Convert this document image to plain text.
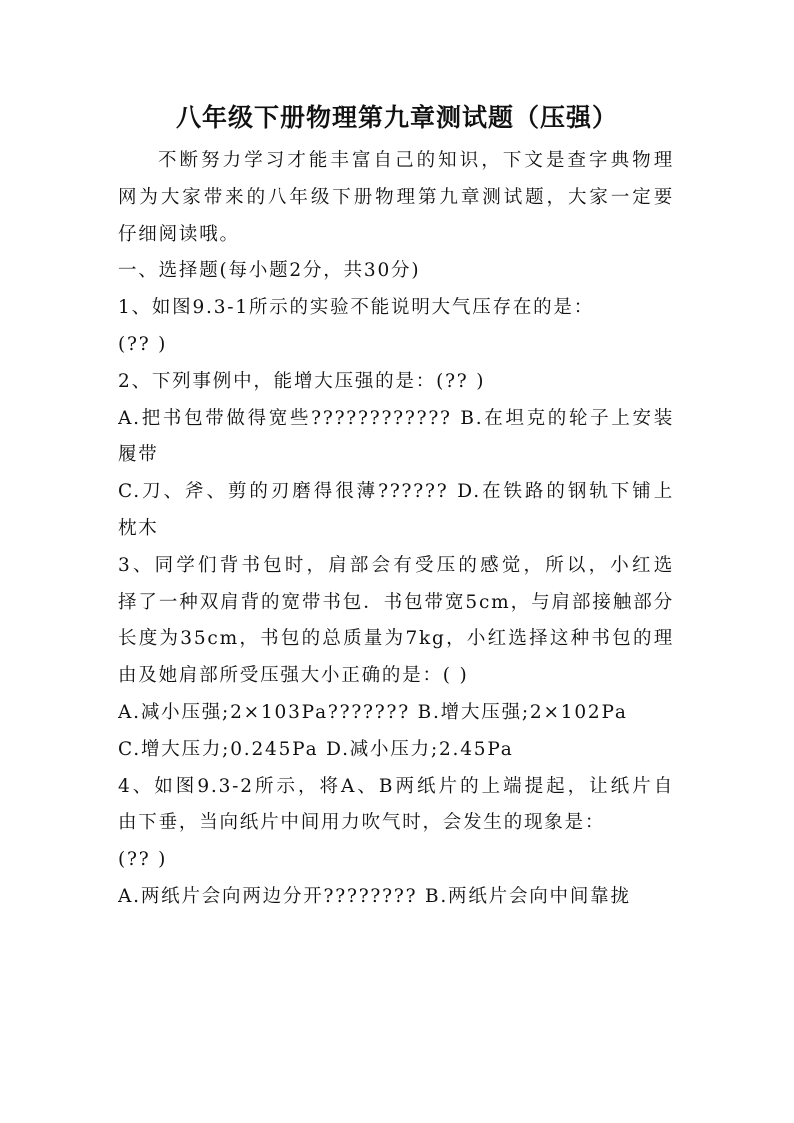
八年级下册物理第九章测试题（压强）

不断努力学习才能丰富自己的知识，下文是查字典物理

网为大家带来的八年级下册物理第九章测试题，大家一定要

仔细阅读哦。

一、选择题(每小题2分，共30分)

1、如图9.3-1所示的实验不能说明大气压存在的是：

(?? )

2、下列事例中，能增大压强的是：(?? )

A.把书包带做得宽些???????????? B.在坦克的轮子上安装

履带

C.刀、斧、剪的刃磨得很薄?????? D.在铁路的钢轨下铺上

枕木

3、同学们背书包时，肩部会有受压的感觉，所以，小红选

择了一种双肩背的宽带书包．书包带宽5cm，与肩部接触部分

长度为35cm，书包的总质量为7kg，小红选择这种书包的理

由及她肩部所受压强大小正确的是：( )

A.减小压强;2×103Pa??????? B.增大压强;2×102Pa

C.增大压力;0.245Pa D.减小压力;2.45Pa

4、如图9.3-2所示，将A、B两纸片的上端提起，让纸片自

由下垂，当向纸片中间用力吹气时，会发生的现象是：

(?? )

A.两纸片会向两边分开???????? B.两纸片会向中间靠拢
